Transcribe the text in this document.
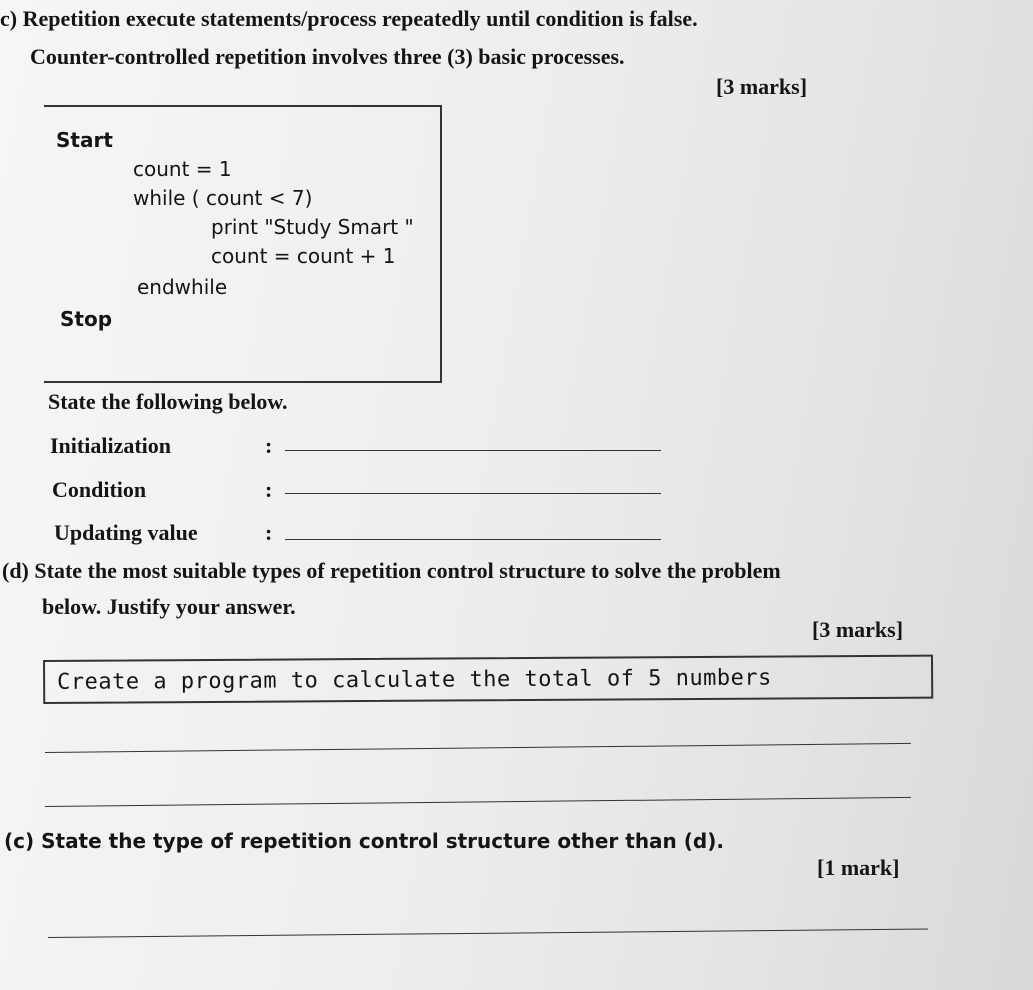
c) Repetition execute statements/process repeatedly until condition is false.
Counter-controlled repetition involves three (3) basic processes.
[3 marks]
Start
count = 1
while ( count < 7)
print "Study Smart "
count = count + 1
endwhile
Stop
State the following below.
Initialization	:
Condition	:
Updating value	:
(d) State the most suitable types of repetition control structure to solve the problem
below. Justify your answer.
[3 marks]
Create a program to calculate the total of 5 numbers
(c) State the type of repetition control structure other than (d).
[1 mark]
